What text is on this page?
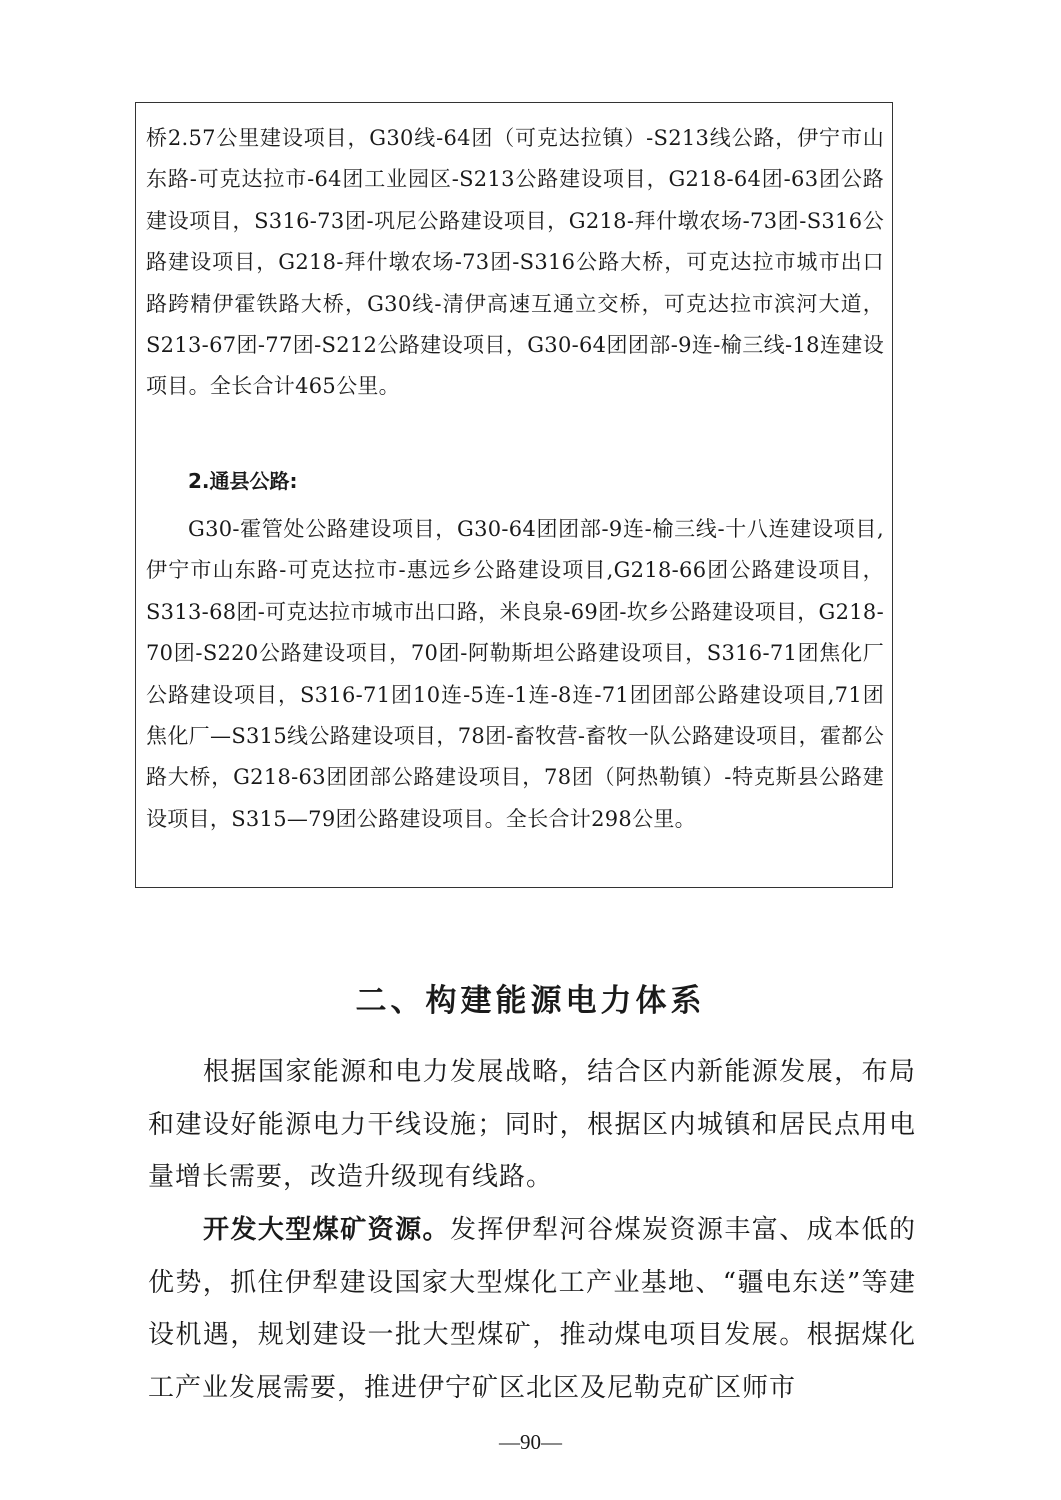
桥2.57公里建设项目，G30线-64团（可克达拉镇）-S213线公路，伊宁市山东路-可克达拉市-64团工业园区-S213公路建设项目，G218-64团-63团公路建设项目，S316-73团-巩尼公路建设项目，G218-拜什墩农场-73团-S316公路建设项目，G218-拜什墩农场-73团-S316公路大桥，可克达拉市城市出口路跨精伊霍铁路大桥，G30线-清伊高速互通立交桥，可克达拉市滨河大道，S213-67团-77团-S212公路建设项目，G30-64团团部-9连-榆三线-18连建设项目。全长合计465公里。

2.通县公路:

G30-霍管处公路建设项目，G30-64团团部-9连-榆三线-十八连建设项目,伊宁市山东路-可克达拉市-惠远乡公路建设项目,G218-66团公路建设项目，S313-68团-可克达拉市城市出口路，米良泉-69团-坎乡公路建设项目，G218-70团-S220公路建设项目，70团-阿勒斯坦公路建设项目，S316-71团焦化厂公路建设项目，S316-71团10连-5连-1连-8连-71团团部公路建设项目,71团焦化厂—S315线公路建设项目，78团-畜牧营-畜牧一队公路建设项目，霍都公路大桥，G218-63团团部公路建设项目，78团（阿热勒镇）-特克斯县公路建设项目，S315—79团公路建设项目。全长合计298公里。

二、构建能源电力体系

根据国家能源和电力发展战略，结合区内新能源发展，布局和建设好能源电力干线设施；同时，根据区内城镇和居民点用电量增长需要，改造升级现有线路。

开发大型煤矿资源。发挥伊犁河谷煤炭资源丰富、成本低的优势，抓住伊犁建设国家大型煤化工产业基地、“疆电东送”等建设机遇，规划建设一批大型煤矿，推动煤电项目发展。根据煤化工产业发展需要，推进伊宁矿区北区及尼勒克矿区师市

—90—
